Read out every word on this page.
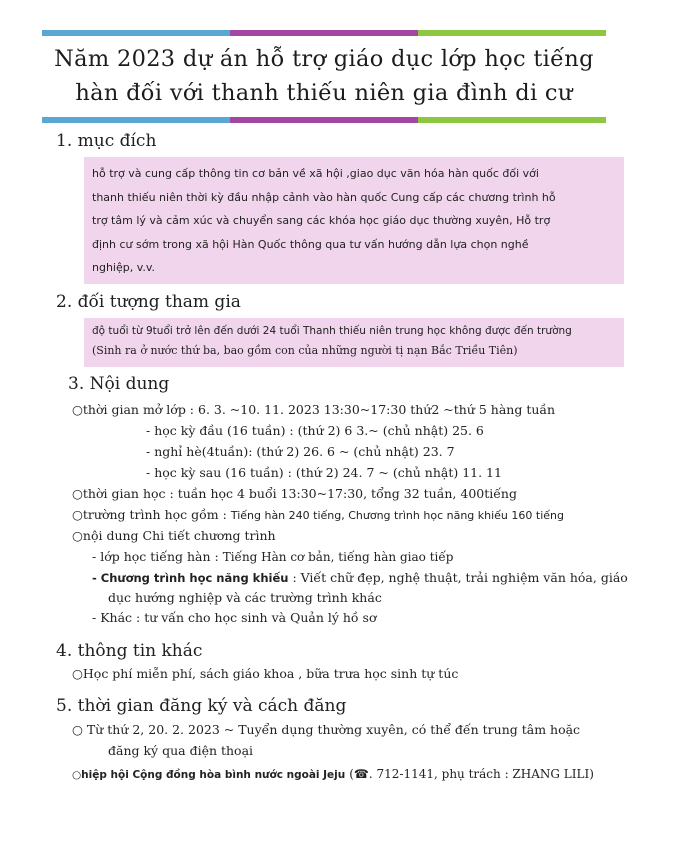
Năm 2023 dự án hỗ trợ giáo dục lớp học tiếng
hàn đối với thanh thiếu niên gia đình di cư
1. mục đích

hỗ trợ và cung cấp thông tin cơ bản về xã hội ,giao dục văn hóa hàn quốc đối với

thanh thiếu niên thời kỳ đầu nhập cảnh vào hàn quốc Cung cấp các chương trình hỗ

trợ tâm lý và cảm xúc và chuyển sang các khóa học giáo dục thường xuyên, Hỗ trợ

định cư sớm trong xã hội Hàn Quốc thông qua tư vấn hướng dẫn lựa chọn nghề

nghiệp, v.v.

2. đối tượng tham gia
độ tuổi từ 9tuổi trở lên đến dưới 24 tuổi Thanh thiếu niên trung học không được đến trường
(Sinh ra ở nước thứ ba, bao gồm con của những người tị nạn Bắc Triều Tiên)
3. Nội dung
○thời gian mở lớp : 6. 3. ~10. 11. 2023 13:30~17:30 thứ2 ~thứ 5 hàng tuần
- học kỳ đầu (16 tuần) : (thứ 2) 6 3.~ (chủ nhật) 25. 6
- nghỉ hè(4tuần): (thứ 2) 26. 6 ~ (chủ nhật) 23. 7
- học kỳ sau (16 tuần) : (thứ 2) 24. 7 ~ (chủ nhật) 11. 11
○thời gian học : tuần học 4 buổi 13:30~17:30, tổng 32 tuần, 400tiếng
○trường trình học gồm : Tiếng hàn 240 tiếng, Chương trình học năng khiếu 160 tiếng
○nội dung Chi tiết chương trình
- lớp học tiếng hàn : Tiếng Hàn cơ bản, tiếng hàn giao tiếp
- Chương trình học năng khiếu : Viết chữ đẹp, nghệ thuật, trải nghiệm văn hóa, giáo
dục hướng nghiệp và các trường trình khác
- Khác : tư vấn cho học sinh và Quản lý hồ sơ
4. thông tin khác
○Học phí miễn phí, sách giáo khoa , bữa trưa học sinh tự túc
5. thời gian đăng ký và cách đăng
○ Từ thứ 2, 20. 2. 2023 ~ Tuyển dụng thường xuyên, có thể đến trung tâm hoặc
đăng ký qua điện thoại
○hiệp hội Cộng đồng hòa bình nước ngoài Jeju (☎. 712-1141, phụ trách : ZHANG LILI)
